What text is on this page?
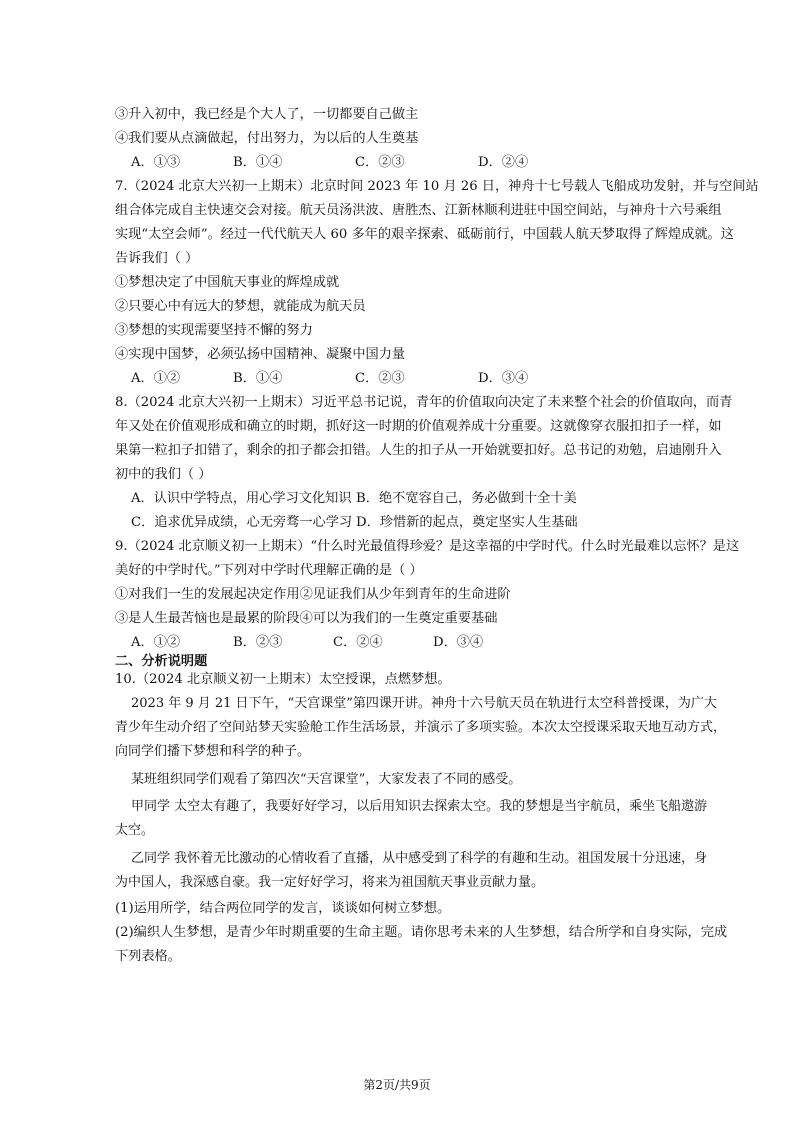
③升入初中，我已经是个大人了，一切都要自己做主
④我们要从点滴做起，付出努力，为以后的人生奠基
A．①③	B．①④	C．②③	D．②④
7.（2024 北京大兴初一上期末）北京时间 2023 年 10 月 26 日，神舟十七号载人飞船成功发射，并与空间站
组合体完成自主快速交会对接。航天员汤洪波、唐胜杰、江新林顺利进驻中国空间站，与神舟十六号乘组
实现“太空会师”。经过一代代航天人 60 多年的艰辛探索、砥砺前行，中国载人航天梦取得了辉煌成就。这
告诉我们（ ）
①梦想决定了中国航天事业的辉煌成就
②只要心中有远大的梦想，就能成为航天员
③梦想的实现需要坚持不懈的努力
④实现中国梦，必须弘扬中国精神、凝聚中国力量
A．①②	B．①④	C．②③	D．③④
8.（2024 北京大兴初一上期末）习近平总书记说，青年的价值取向决定了未来整个社会的价值取向，而青
年又处在价值观形成和确立的时期，抓好这一时期的价值观养成十分重要。这就像穿衣服扣扣子一样，如
果第一粒扣子扣错了，剩余的扣子都会扣错。人生的扣子从一开始就要扣好。总书记的劝勉，启迪刚升入
初中的我们（ ）
A．认识中学特点，用心学习文化知识 B．绝不宽容自己，务必做到十全十美
C．追求优异成绩，心无旁骛一心学习 D．珍惜新的起点，奠定坚实人生基础
9.（2024 北京顺义初一上期末）“什么时光最值得珍爱？是这幸福的中学时代。什么时光最难以忘怀？是这
美好的中学时代。”下列对中学时代理解正确的是（ ）
①对我们一生的发展起决定作用②见证我们从少年到青年的生命进阶
③是人生最苦恼也是最累的阶段④可以为我们的一生奠定重要基础
A．①②	B．②③	C．②④	D．③④
二、分析说明题
10.（2024 北京顺义初一上期末）太空授课，点燃梦想。
2023 年 9 月 21 日下午，“天宫课堂”第四课开讲。神舟十六号航天员在轨进行太空科普授课，为广大
青少年生动介绍了空间站梦天实验舱工作生活场景，并演示了多项实验。本次太空授课采取天地互动方式，
向同学们播下梦想和科学的种子。
某班组织同学们观看了第四次“天宫课堂”，大家发表了不同的感受。
甲同学 太空太有趣了，我要好好学习，以后用知识去探索太空。我的梦想是当宇航员，乘坐飞船遨游
太空。
乙同学 我怀着无比激动的心情收看了直播，从中感受到了科学的有趣和生动。祖国发展十分迅速，身
为中国人，我深感自豪。我一定好好学习，将来为祖国航天事业贡献力量。
(1)运用所学，结合两位同学的发言，谈谈如何树立梦想。
(2)编织人生梦想，是青少年时期重要的生命主题。请你思考未来的人生梦想，结合所学和自身实际，完成
下列表格。
第2页/共9页
